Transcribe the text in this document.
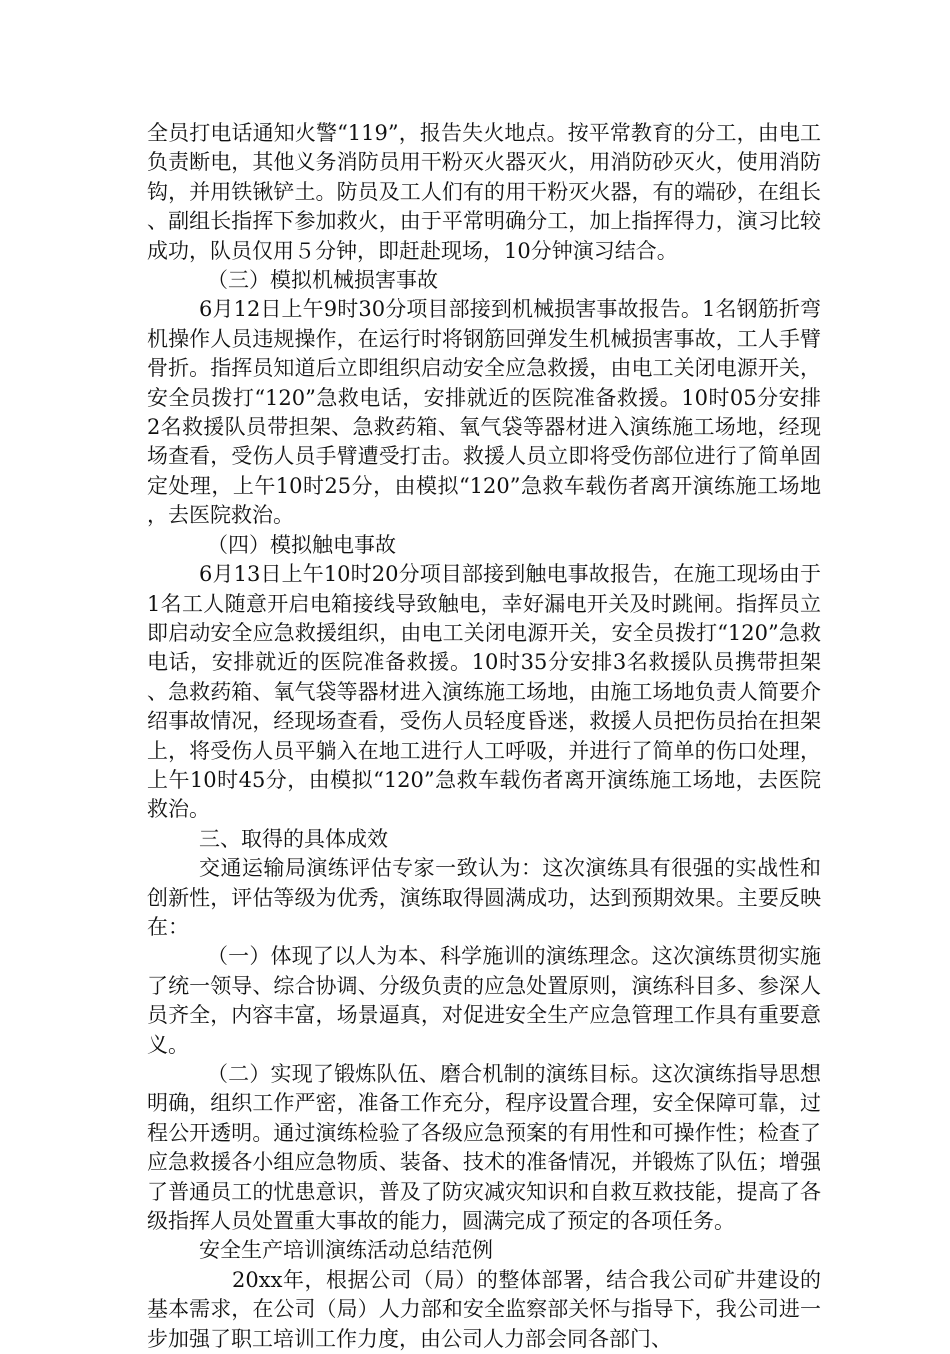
全员打电话通知火警“119”，报告失火地点。按平常教育的分工，由电工负责断电，其他义务消防员用干粉灭火器灭火，用消防砂灭火，使用消防钩，并用铁锹铲土。防员及工人们有的用干粉灭火器，有的端砂，在组长、副组长指挥下参加救火，由于平常明确分工，加上指挥得力，演习比较成功，队员仅用５分钟，即赶赴现场，10分钟演习结合。

（三）模拟机械损害事故

6月12日上午9时30分项目部接到机械损害事故报告。1名钢筋折弯机操作人员违规操作，在运行时将钢筋回弹发生机械损害事故，工人手臂骨折。指挥员知道后立即组织启动安全应急救援，由电工关闭电源开关，安全员拨打“120”急救电话，安排就近的医院准备救援。10时05分安排2名救援队员带担架、急救药箱、氧气袋等器材进入演练施工场地，经现场查看，受伤人员手臂遭受打击。救援人员立即将受伤部位进行了简单固定处理，上午10时25分，由模拟“120”急救车载伤者离开演练施工场地，去医院救治。

（四）模拟触电事故

6月13日上午10时20分项目部接到触电事故报告，在施工现场由于1名工人随意开启电箱接线导致触电，幸好漏电开关及时跳闸。指挥员立即启动安全应急救援组织，由电工关闭电源开关，安全员拨打“120”急救电话，安排就近的医院准备救援。10时35分安排3名救援队员携带担架、急救药箱、氧气袋等器材进入演练施工场地，由施工场地负责人简要介绍事故情况，经现场查看，受伤人员轻度昏迷，救援人员把伤员抬在担架上，将受伤人员平躺入在地工进行人工呼吸，并进行了简单的伤口处理，上午10时45分，由模拟“120”急救车载伤者离开演练施工场地，去医院救治。

三、取得的具体成效

交通运输局演练评估专家一致认为：这次演练具有很强的实战性和创新性，评估等级为优秀，演练取得圆满成功，达到预期效果。主要反映在：

（一）体现了以人为本、科学施训的演练理念。这次演练贯彻实施了统一领导、综合协调、分级负责的应急处置原则，演练科目多、参深人员齐全，内容丰富，场景逼真，对促进安全生产应急管理工作具有重要意义。

（二）实现了锻炼队伍、磨合机制的演练目标。这次演练指导思想明确，组织工作严密，准备工作充分，程序设置合理，安全保障可靠，过程公开透明。通过演练检验了各级应急预案的有用性和可操作性；检查了应急救援各小组应急物质、装备、技术的准备情况，并锻炼了队伍；增强了普通员工的忧患意识，普及了防灾减灾知识和自救互救技能，提高了各级指挥人员处置重大事故的能力，圆满完成了预定的各项任务。

安全生产培训演练活动总结范例

20xx年，根据公司（局）的整体部署，结合我公司矿井建设的基本需求，在公司（局）人力部和安全监察部关怀与指导下，我公司进一步加强了职工培训工作力度，由公司人力部会同各部门、
